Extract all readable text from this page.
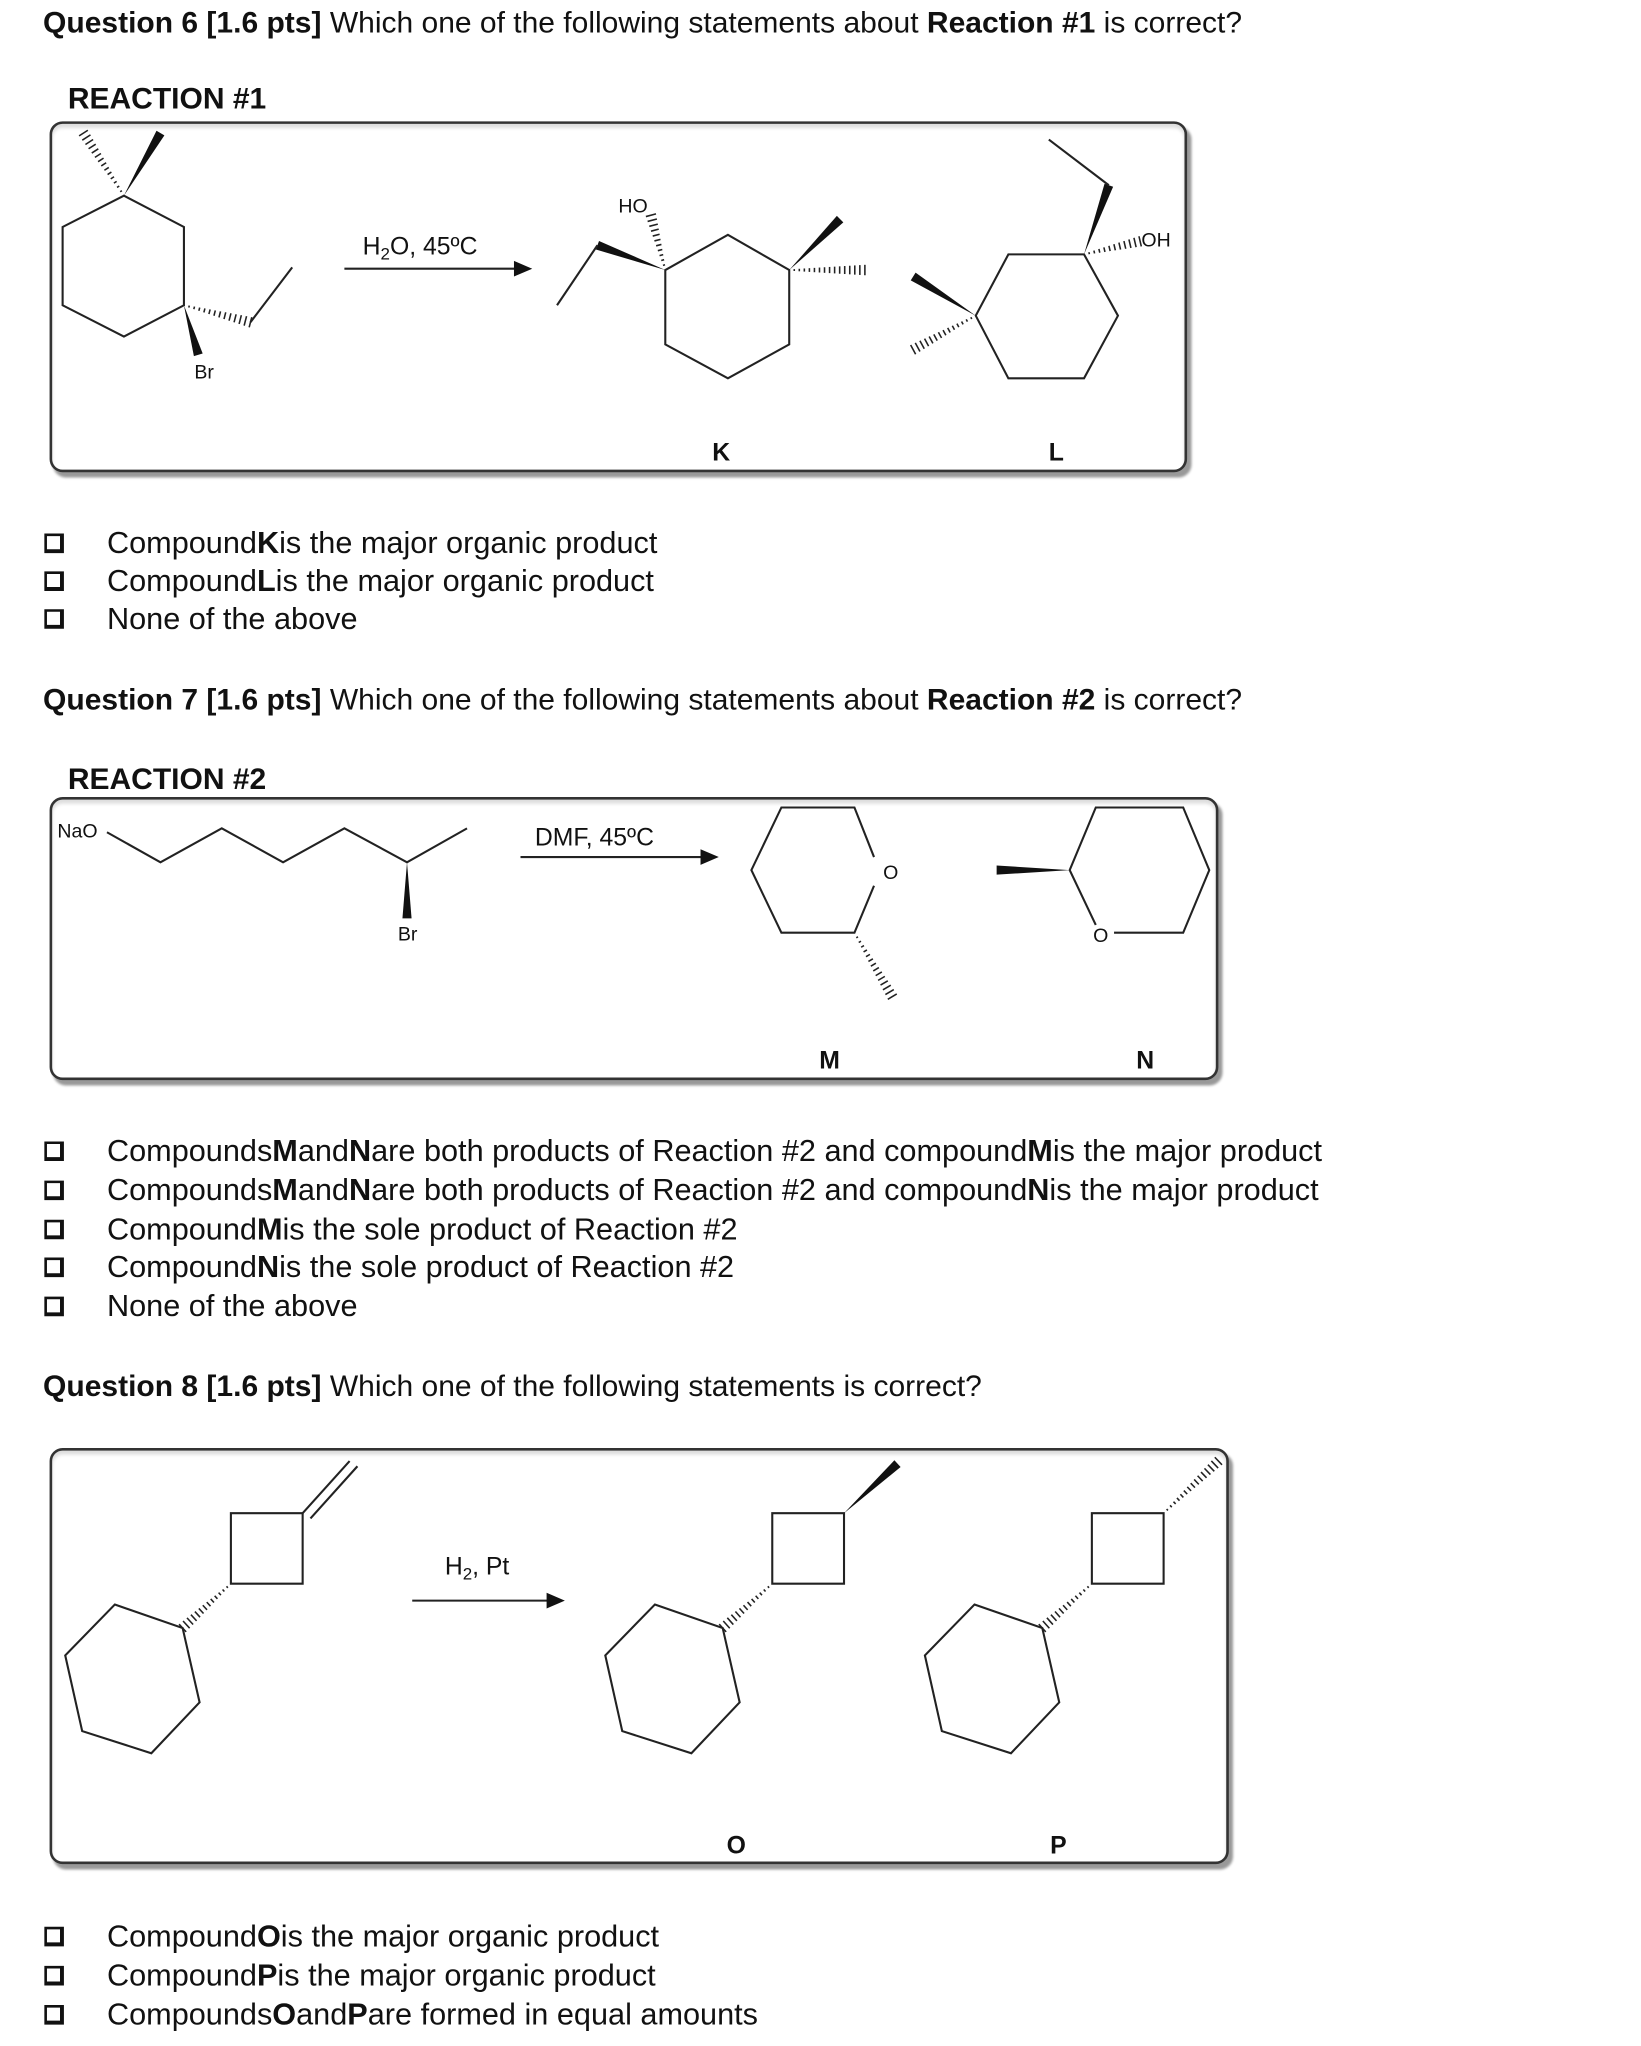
Question 6 [1.6 pts] Which one of the following statements about Reaction #1 is correct?
REACTION #1
Br
$H_2O$, 45ºC
HO
OH
K	L
Compound K is the major organic product
Compound L is the major organic product
None of the above
Question 7 [1.6 pts] Which one of the following statements about Reaction #2 is correct?
REACTION #2
NaO
Br
DMF, 45ºC
O
O
M	N
Compounds M and N are both products of Reaction #2 and compound M is the major product
Compounds M and N are both products of Reaction #2 and compound N is the major product
Compound M is the sole product of Reaction #2
Compound N is the sole product of Reaction #2
None of the above
Question 8 [1.6 pts] Which one of the following statements is correct?
$H_2$, Pt
O	P
Compound O is the major organic product
Compound P is the major organic product
Compounds O and P are formed in equal amounts
